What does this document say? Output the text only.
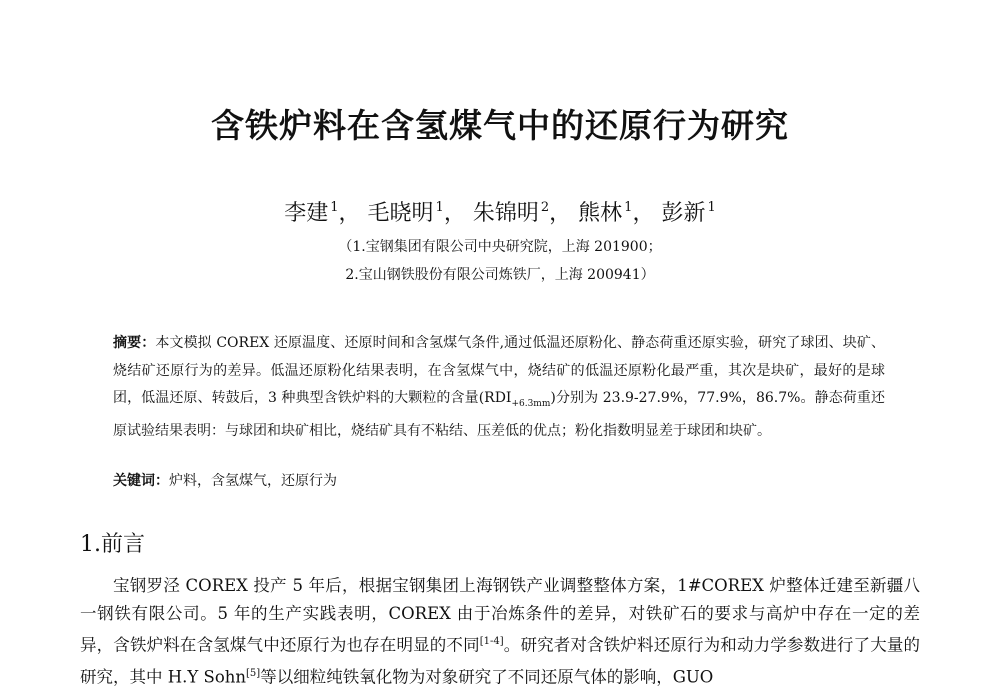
含铁炉料在含氢煤气中的还原行为研究
李建 $^1$， 毛晓明 $^1$， 朱锦明 $^2$， 熊林 $^1$， 彭新 $^1$
（1.宝钢集团有限公司中央研究院，上海 201900；
2.宝山钢铁股份有限公司炼铁厂，上海 200941）
摘要：本文模拟 COREX 还原温度、还原时间和含氢煤气条件,通过低温还原粉化、静态荷重还原实验，研究了球团、块矿、烧结矿还原行为的差异。低温还原粉化结果表明，在含氢煤气中，烧结矿的低温还原粉化最严重，其次是块矿，最好的是球团，低温还原、转鼓后，3 种典型含铁炉料的大颗粒的含量$(RDI_{+6.3mm})$分别为 23.9-27.9%，77.9%，86.7%。静态荷重还原试验结果表明：与球团和块矿相比，烧结矿具有不粘结、压差低的优点；粉化指数明显差于球团和块矿。
关键词：炉料，含氢煤气，还原行为
1.前言
宝钢罗泾 COREX 投产 5 年后，根据宝钢集团上海钢铁产业调整整体方案，1#COREX 炉整体迁建至新疆八一钢铁有限公司。5 年的生产实践表明，COREX 由于冶炼条件的差异，对铁矿石的要求与高炉中存在一定的差异，含铁炉料在含氢煤气中还原行为也存在明显的不同[1-4]。研究者对含铁炉料还原行为和动力学参数进行了大量的研究，其中 H.Y Sohn[5]等以细粒纯铁氧化物为对象研究了不同还原气体的影响，GUO
